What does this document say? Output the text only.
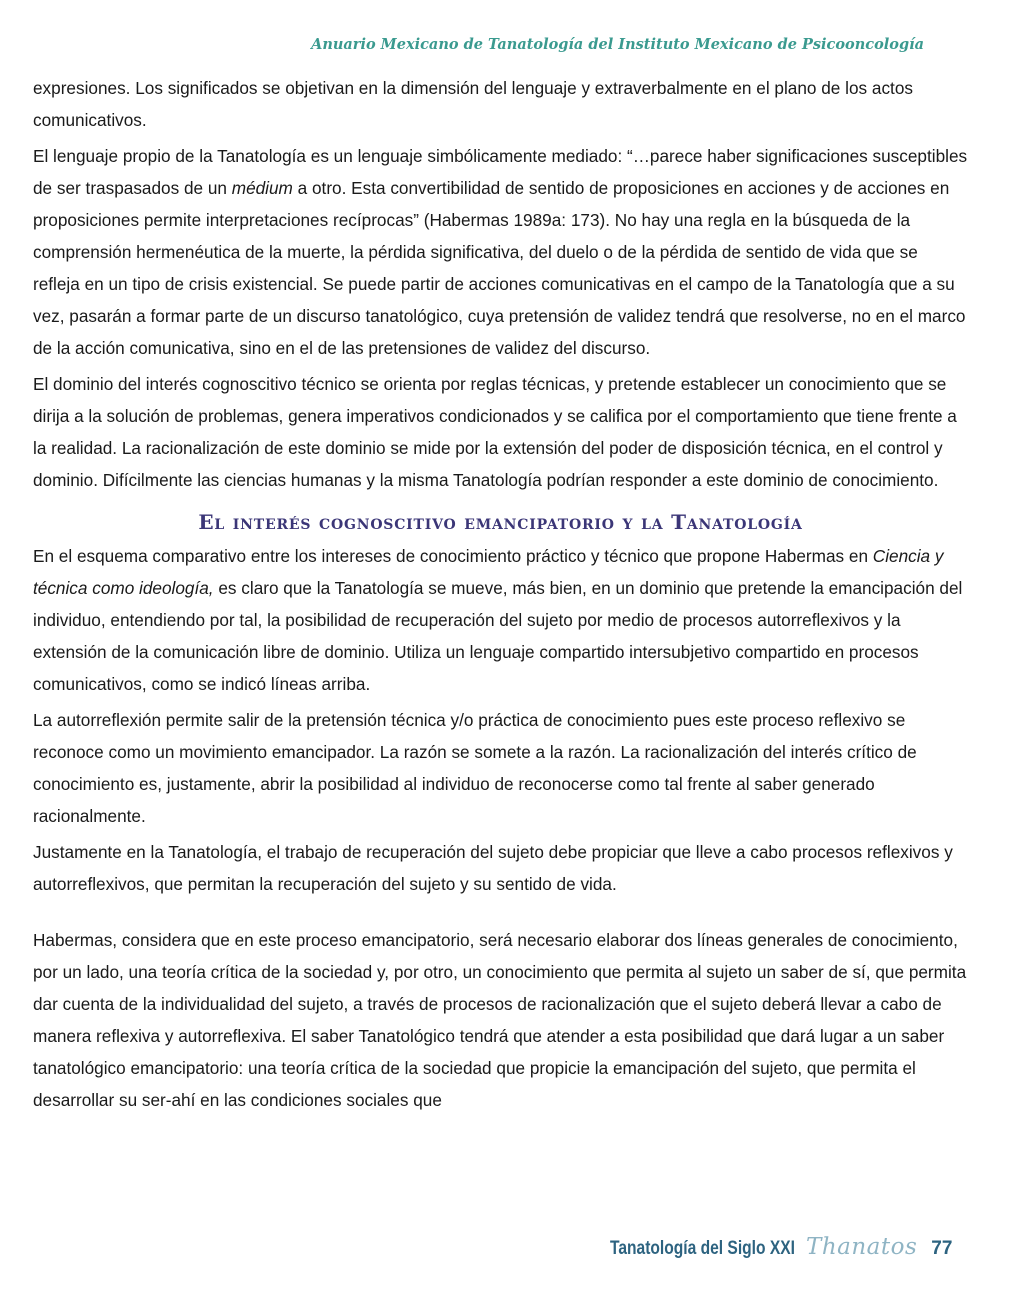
Anuario Mexicano de Tanatología del Instituto Mexicano de Psicooncología

expresiones. Los significados se objetivan en la dimensión del lenguaje y extraverbalmente en el plano de los actos comunicativos.

El lenguaje propio de la Tanatología es un lenguaje simbólicamente mediado: “…parece haber significaciones susceptibles de ser traspasados de un médium a otro. Esta convertibilidad de sentido de proposiciones en acciones y de acciones en proposiciones permite interpretaciones recíprocas” (Habermas 1989a: 173). No hay una regla en la búsqueda de la comprensión hermenéutica de la muerte, la pérdida significativa, del duelo o de la pérdida de sentido de vida que se refleja en un tipo de crisis existencial. Se puede partir de acciones comunicativas en el campo de la Tanatología que a su vez, pasarán a formar parte de un discurso tanatológico, cuya pretensión de validez tendrá que resolverse, no en el marco de la acción comunicativa, sino en el de las pretensiones de validez del discurso.

El dominio del interés cognoscitivo técnico se orienta por reglas técnicas, y pretende establecer un conocimiento que se dirija a la solución de problemas, genera imperativos condicionados y se califica por el comportamiento que tiene frente a la realidad. La racionalización de este dominio se mide por la extensión del poder de disposición técnica, en el control y dominio. Difícilmente las ciencias humanas y la misma Tanatología podrían responder a este dominio de conocimiento.

El interés cognoscitivo emancipatorio y la Tanatología

En el esquema comparativo entre los intereses de conocimiento práctico y técnico que propone Habermas en Ciencia y técnica como ideología, es claro que la Tanatología se mueve, más bien, en un dominio que pretende la emancipación del individuo, entendiendo por tal, la posibilidad de recuperación del sujeto por medio de procesos autorreflexivos y la extensión de la comunicación libre de dominio. Utiliza un lenguaje compartido intersubjetivo compartido en procesos comunicativos, como se indicó líneas arriba.

La autorreflexión permite salir de la pretensión técnica y/o práctica de conocimiento pues este proceso reflexivo se reconoce como un movimiento emancipador. La razón se somete a la razón. La racionalización del interés crítico de conocimiento es, justamente, abrir la posibilidad al individuo de reconocerse como tal frente al saber generado racionalmente.

Justamente en la Tanatología, el trabajo de recuperación del sujeto debe propiciar que lleve a cabo procesos reflexivos y autorreflexivos, que permitan la recuperación del sujeto y su sentido de vida.

Habermas, considera que en este proceso emancipatorio, será necesario elaborar dos líneas generales de conocimiento, por un lado, una teoría crítica de la sociedad y, por otro, un conocimiento que permita al sujeto un saber de sí, que permita dar cuenta de la individualidad del sujeto, a través de procesos de racionalización que el sujeto deberá llevar a cabo de manera reflexiva y autorreflexiva. El saber Tanatológico tendrá que atender a esta posibilidad que dará lugar a un saber tanatológico emancipatorio: una teoría crítica de la sociedad que propicie la emancipación del sujeto, que permita el desarrollar su ser-ahí en las condiciones sociales que

Tanatología del Siglo XXI Thanatos 77
